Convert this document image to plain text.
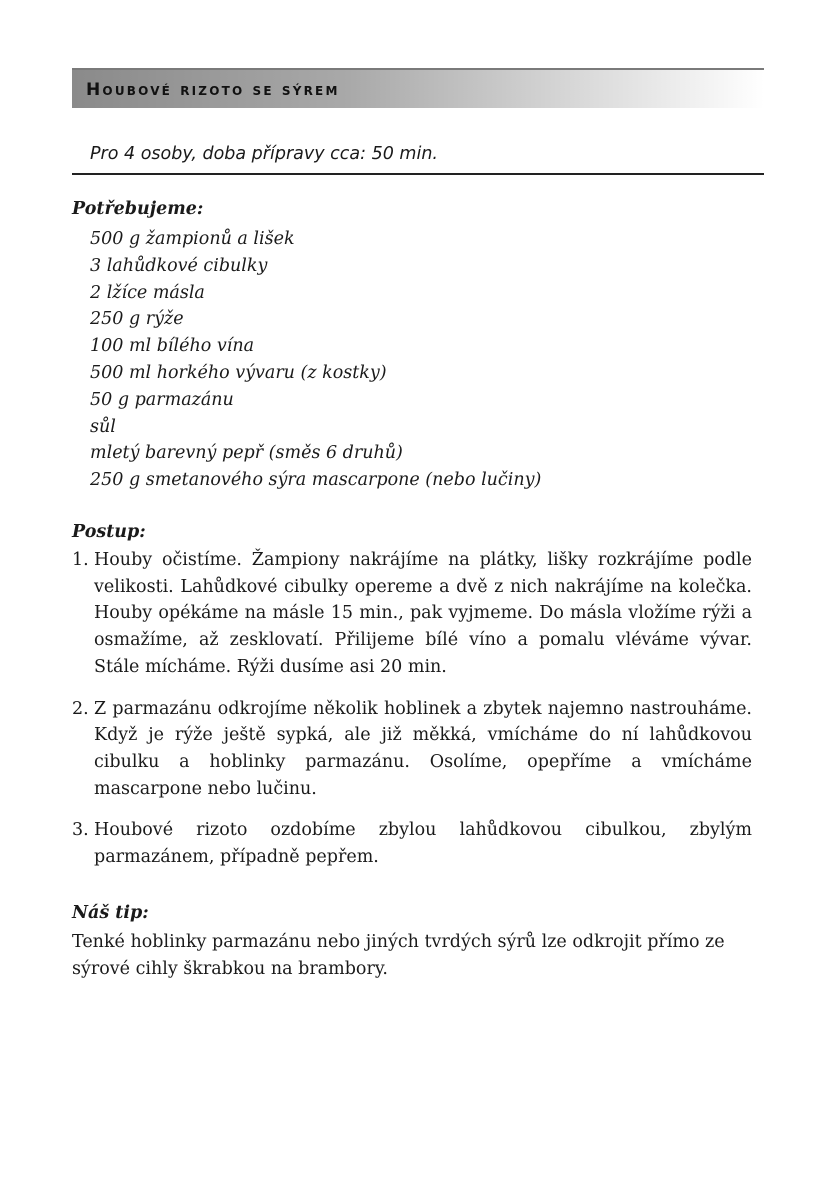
Houbové rizoto se sýrem
Pro 4 osoby, doba přípravy cca: 50 min.
Potřebujeme:
500 g žampionů a lišek
3 lahůdkové cibulky
2 lžíce másla
250 g rýže
100 ml bílého vína
500 ml horkého vývaru (z kostky)
50 g parmazánu
sůl
mletý barevný pepř (směs 6 druhů)
250 g smetanového sýra mascarpone (nebo lučiny)
Postup:
1. Houby očistíme. Žampiony nakrájíme na plátky, lišky rozkrájíme podle velikosti. Lahůdkové cibulky opereme a dvě z nich nakrájíme na kolečka. Houby opékáme na másle 15 min., pak vyjmeme. Do másla vložíme rýži a osmažíme, až zesklovatí. Přilijeme bílé víno a pomalu vléváme vývar. Stále mícháme. Rýži dusíme asi 20 min.
2. Z parmazánu odkrojíme několik hoblinek a zbytek najemno nastrouháme. Když je rýže ještě sypká, ale již měkká, vmícháme do ní lahůdkovou cibulku a hoblinky parmazánu. Osolíme, opepříme a vmícháme mascarpone nebo lučinu.
3. Houbové rizoto ozdobíme zbylou lahůdkovou cibulkou, zbylým parmazánem, případně pepřem.
Náš tip:
Tenké hoblinky parmazánu nebo jiných tvrdých sýrů lze odkrojit přímo ze sýrové cihly škrabkou na brambory.
